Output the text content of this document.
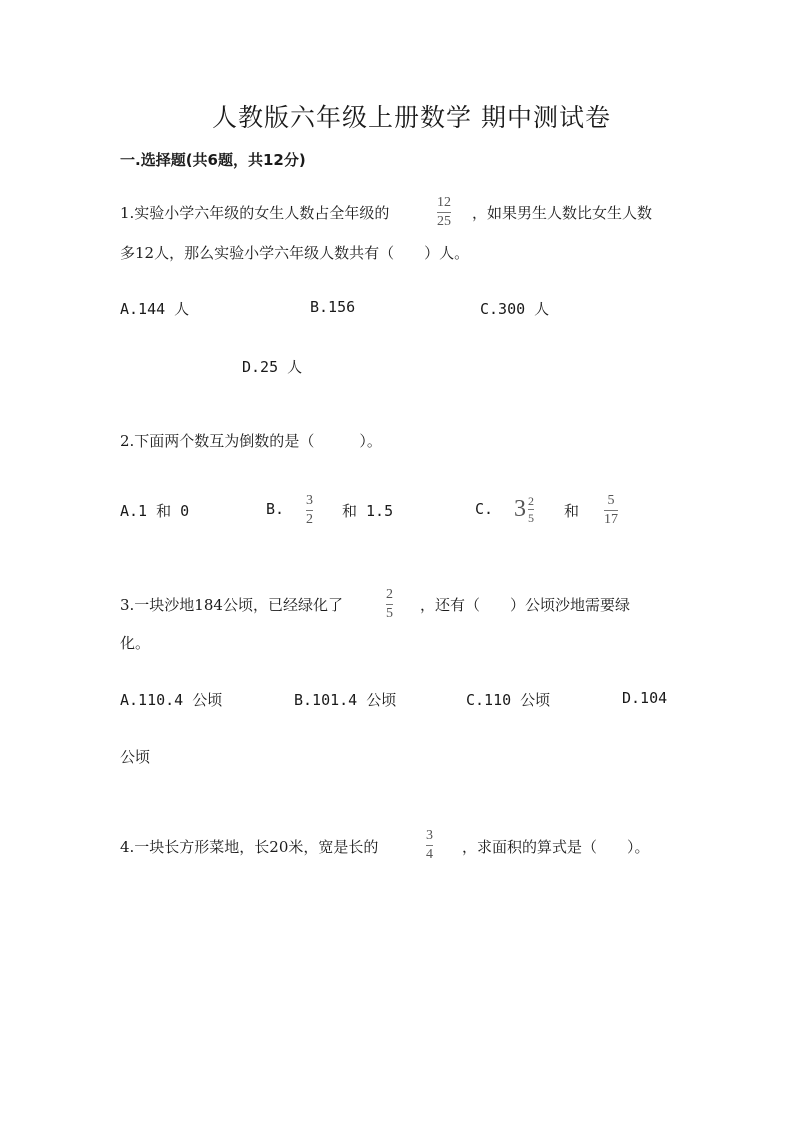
人教版六年级上册数学 期中测试卷
一.选择题(共6题，共12分)
1.实验小学六年级的女生人数占全年级的
12
25 ，如果男生人数比女生人数
多12人，那么实验小学六年级人数共有（　　）人。
A.144 人	B.156	C.300 人
D.25 人
2.下面两个数互为倒数的是（　　　）。
A.1 和 0	B. 3
2 和 1.5	C. $3 \frac{2}{5}$ 和
5
17
3.一块沙地184公顷，已经绿化了
2
5 ，还有（　　）公顷沙地需要绿
化。
A.110.4 公顷	B.101.4 公顷	C.110 公顷	D.104
公顷
4.一块长方形菜地，长20米，宽是长的
3
4 ，求面积的算式是（　　）。
